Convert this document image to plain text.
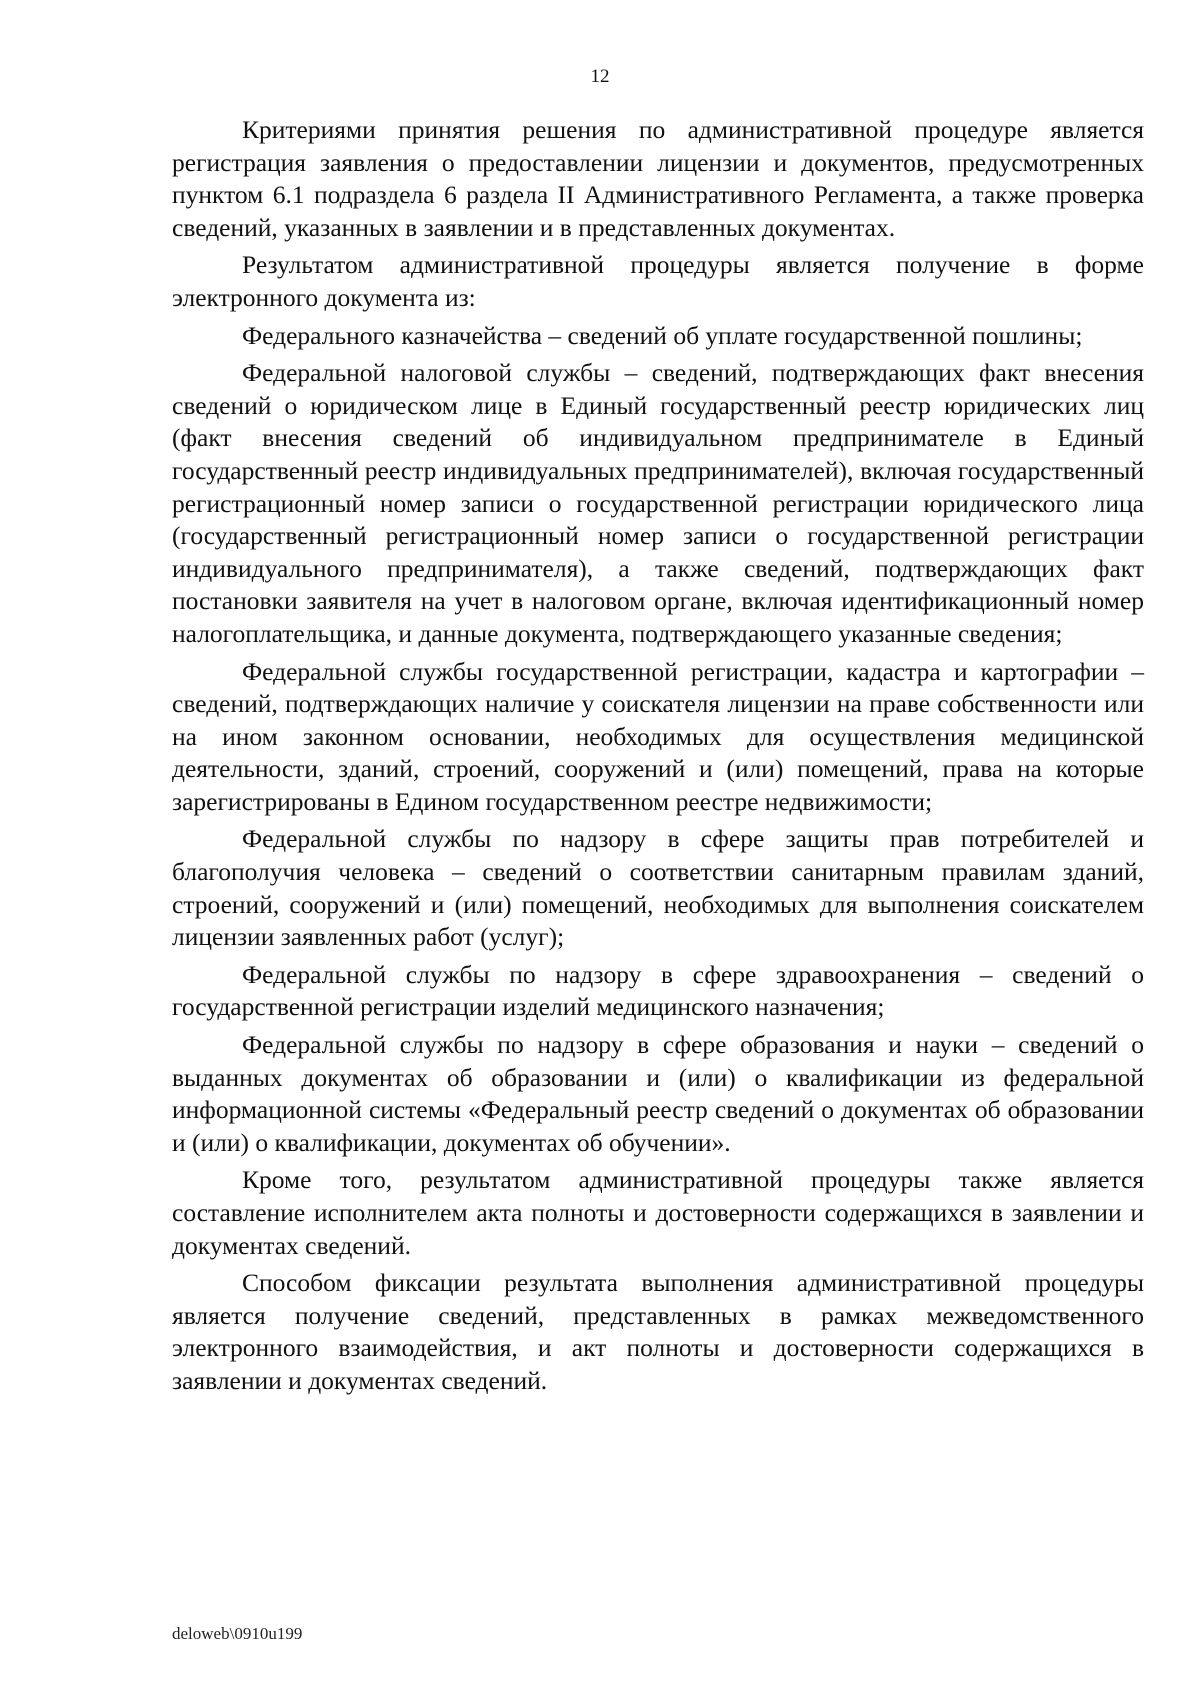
12

Критериями принятия решения по административной процедуре является регистрация заявления о предоставлении лицензии и документов, предусмотренных пунктом 6.1 подраздела 6 раздела II Административного Регламента, а также проверка сведений, указанных в заявлении и в представленных документах.

Результатом административной процедуры является получение в форме электронного документа из:

Федерального казначейства – сведений об уплате государственной пошлины;

Федеральной налоговой службы – сведений, подтверждающих факт внесения сведений о юридическом лице в Единый государственный реестр юридических лиц (факт внесения сведений об индивидуальном предпринимателе в Единый государственный реестр индивидуальных предпринимателей), включая государственный регистрационный номер записи о государственной регистрации юридического лица (государственный регистрационный номер записи о государственной регистрации индивидуального предпринимателя), а также сведений, подтверждающих факт постановки заявителя на учет в налоговом органе, включая идентификационный номер налогоплательщика, и данные документа, подтверждающего указанные сведения;

Федеральной службы государственной регистрации, кадастра и картографии – сведений, подтверждающих наличие у соискателя лицензии на праве собственности или на ином законном основании, необходимых для осуществления медицинской деятельности, зданий, строений, сооружений и (или) помещений, права на которые зарегистрированы в Едином государственном реестре недвижимости;

Федеральной службы по надзору в сфере защиты прав потребителей и благополучия человека – сведений о соответствии санитарным правилам зданий, строений, сооружений и (или) помещений, необходимых для выполнения соискателем лицензии заявленных работ (услуг);

Федеральной службы по надзору в сфере здравоохранения – сведений о государственной регистрации изделий медицинского назначения;

Федеральной службы по надзору в сфере образования и науки – сведений о выданных документах об образовании и (или) о квалификации из федеральной информационной системы «Федеральный реестр сведений о документах об образовании и (или) о квалификации, документах об обучении».

Кроме того, результатом административной процедуры также является составление исполнителем акта полноты и достоверности содержащихся в заявлении и документах сведений.

Способом фиксации результата выполнения административной процедуры является получение сведений, представленных в рамках межведомственного электронного взаимодействия, и акт полноты и достоверности содержащихся в заявлении и документах сведений.

deloweb\0910u199
